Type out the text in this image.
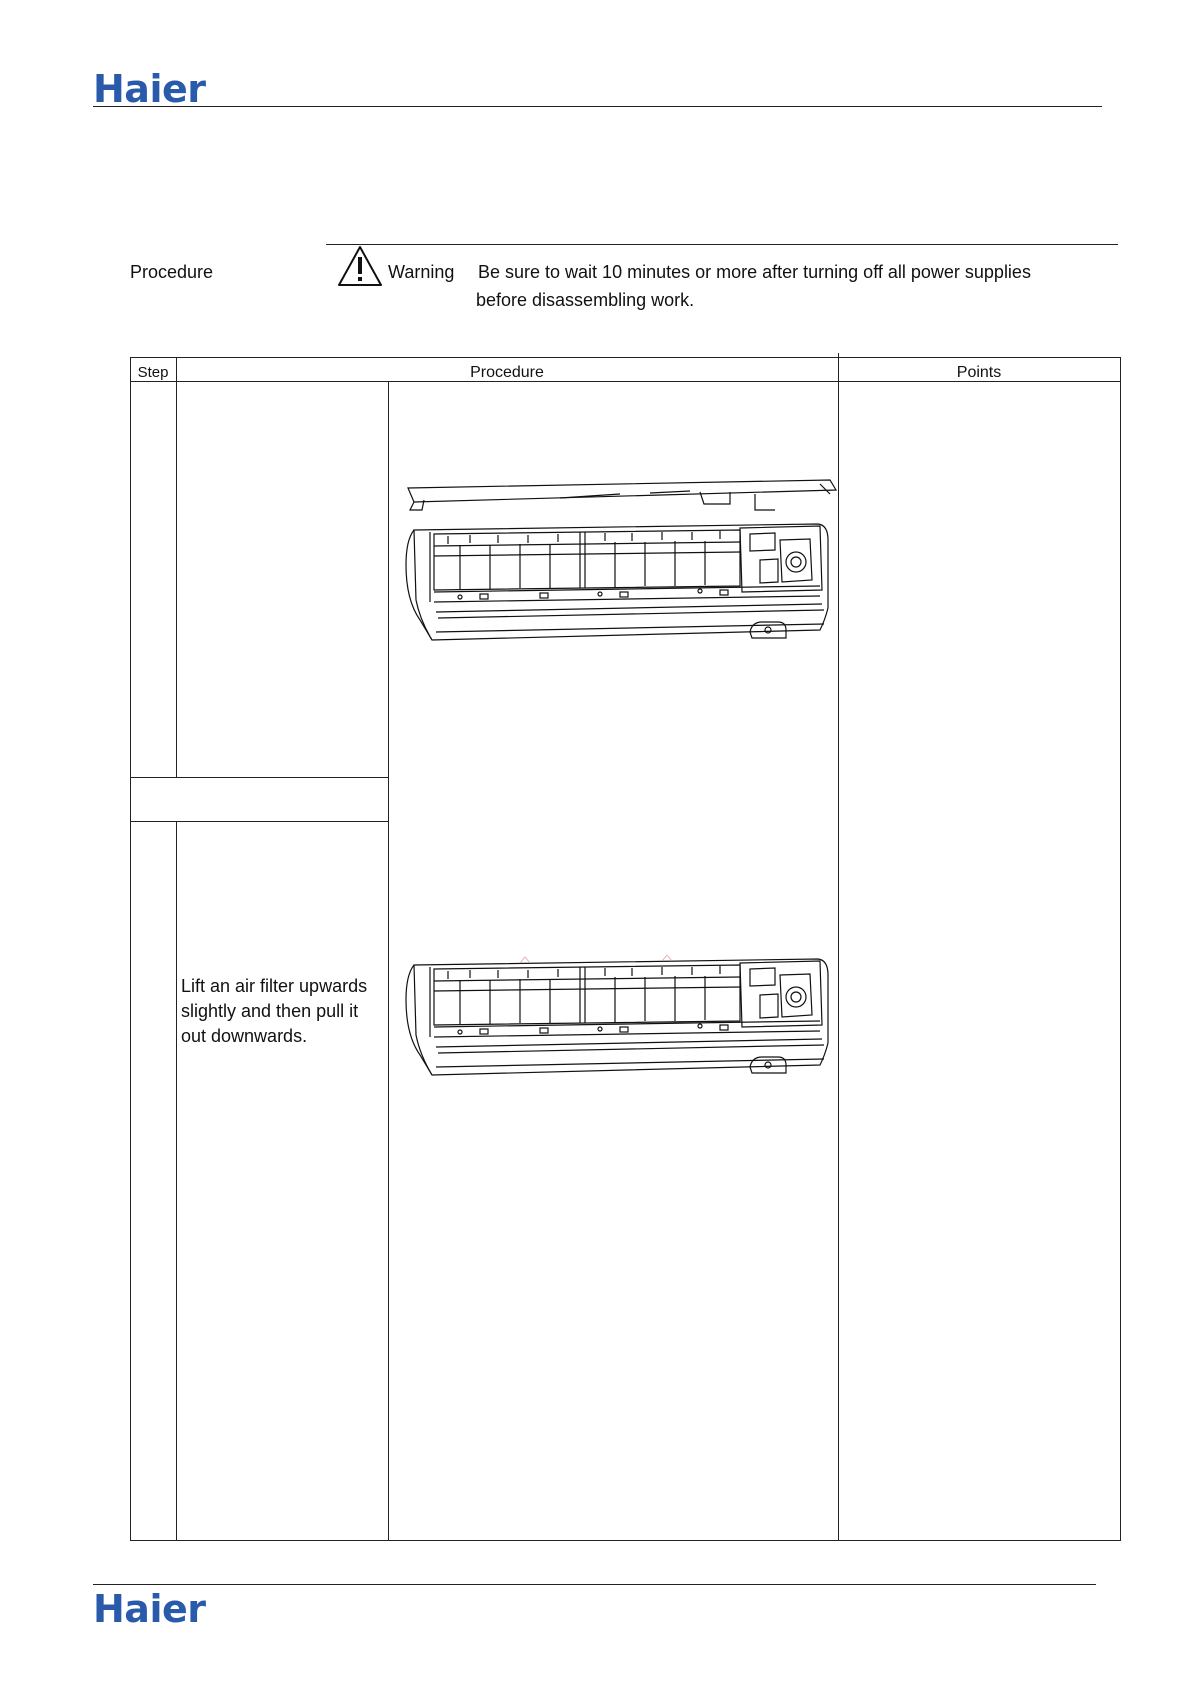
Haier
Procedure	Warning Be sure to wait 10 minutes or more after turning off all power supplies
before disassembling work.
Step	Procedure	Points
Lift an air filter upwards
slightly and then pull it
out downwards.
Haier
